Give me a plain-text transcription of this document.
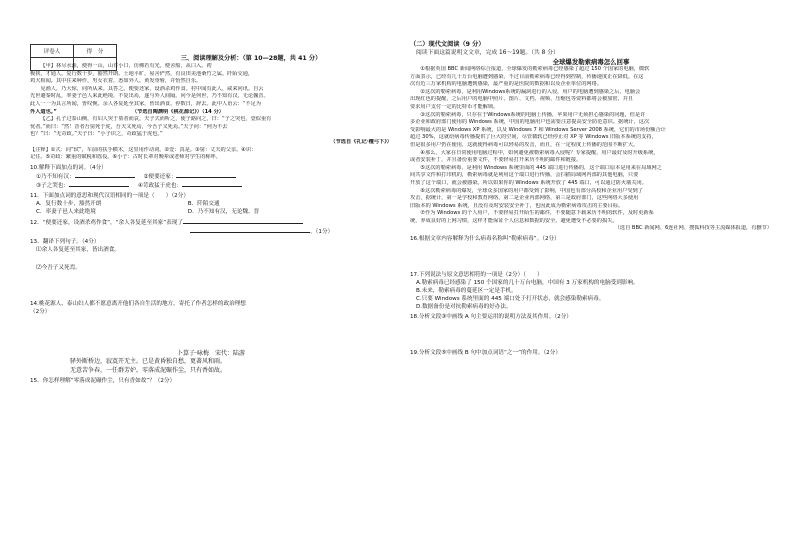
评卷人	得　分

三、阅读理解及分析：（第 10—28题，共 41 分）
【甲】林尽水源，便得一山，山有小口，仿佛若有光，便舍船，从口入。初
极狭，才通人。复行数十步，豁然开朗。土地平旷，屋舍俨然，有良田美池桑竹之属。阡陌交通，
鸡犬相闻。其中往来种作，男女衣着，悉如外人。黄发垂髫，并怡然自乐。
见渔人，乃大惊，问所从来。具答之。便要还家，设酒杀鸡作食。村中闻有此人，咸来问讯。自云
先世避秦时乱，率妻子邑人来此绝境，不复出焉，遂与外人间隔。问今是何世，乃不知有汉，无论魏晋。
此人一一为具言所闻，皆叹惋。余人各复延至其家，皆出酒食。停数日，辞去。此中人语云：“不足为
外人道也。”　　　　　　　　　　　　　　　（节选自陶渊明《桃花源记》）（14 分）
【乙】孔子过泰山侧，有妇人哭于墓者而哀。夫子式而听之，使子路问之，曰：“子之哭也，壹似重有
忧者。”而曰：“然！昔者吾舅死于虎，吾夫又死焉，今吾子又死焉。”夫子问：“何为不去
也？”曰：“无苛政。”夫子曰：“小子识之，苛政猛于虎也。”
（节选自《礼记·檀弓下》）
【注释】①式：同“轼”，车前的扶手横木，这里用作动词。②壹：真是。③舅：丈夫的父亲。④识：
记住。⑤苛政：繁重的赋税和徭役。⑥小子：古时长辈对晚辈或老师对学生的称呼。
10.解释下面加点的词。（4分）
①乃不知有汉：	②便要还家：
③子之哭也：	④苛政猛于虎也：
11．下面加点词的意思和现代汉语相同的一项是（　　）（2分）
A．复行数十步，豁然开朗	B．阡陌交通
C．率妻子邑人来此绝境	D．乃不知有汉，无论魏、晋
12．“便要还家，设酒杀鸡作食”，“余人各复延至其家”表现了
。（1分）
13．翻译下列句子。（4分）
⑴余人各复延至其家，皆出酒食。
⑵今吾子又死焉。
14.桃花源人、泰山妇人都不愿意离开他们各自生活的地方，寄托了作者怎样的政治理想
（2分）
卜算子·咏梅　宋代：陆游
驿外断桥边，寂寞开无主。已是黄昏独自愁，更著风和雨。
无意苦争春，一任群芳妒。零落成泥碾作尘，只有香如故。
15．你怎样理解“零落成泥碾作尘，只有香如故”？（2分）
（二）现代文阅读（9 分）
阅读下面这篇说明文文章，完成 16～19题。（共 8 分）
全球爆发勒索病毒怎么回事
①根据英国 BBC 新闻网络综合报道，全球爆发的勒索病毒已经感染了超过 150 个国家的电脑，微软
方面表示，已经有几十万台电脑遭到感染，不过目前勒索病毒已经得到控制，传播速度正在降低。在这
次有近三万家机构的电脑遭到感染，最严重的是医院的数据和以及企业单位的网络。
②这次的勒索病毒，是利用Windows系统的漏洞进行的入侵，用户的电脑遭到感染之后，电脑会
出现红色的提醒，之后用户的电脑中照片、图片、文档、视频、压缩包等资料都将会被加密，并且
要求用户支付一定的比特币才能解锁。
③这次的勒索病毒，只存在于Windows系统的电脑上传播，苹果用户无须担心感染的问题，但是许
多企业和政府部门使用的 Windows 系统，中国的电脑用户也需要注意提高安全防范意识。据统计，这次
受影响最大的是 Windows XP 系统，以及 Windows 7 和 Windows Server 2008 系统，它们的市场份额合计
超过 30%，这就给病毒传播提供了巨大的空间，尽管微软已经停止对 XP 等 Windows 旧版本系统的支持，
但是很多用户仍在使用，这就使得病毒可以轻易的攻击，而且，在一定程度上传播的范围不断扩大。
④那么，大家在日常使用电脑过程中，如何避免被勒索病毒入侵呢？专家提醒，用户最好及时升级系统，
或者安装补丁，并且备份重要文件，不要轻易打开来历不明的邮件和链接。
⑤这次的勒索病毒，是利用 Windows 系统里面的 445 端口进行传播的，这个端口原本是用来在局域网之
间共享文件和打印机的，勒索病毒就是利用这个端口进行传播，会扫描局域网内部的其他电脑，只要
开放了这个端口，就会被感染。所以如果你的 Windows 系统开放了 445 端口，可以通过防火墙关闭。
⑥这次勒索病毒的爆发，全球众多国家的用户都受到了影响，中国也有部分高校和企业用户受到了
攻击，据统计，第一是学校和教育网络，第二是企业内部网络，第三是政府部门，这些网络大多使用
旧版本的 Windows 系统，且没有及时安装安全补丁，也因此成为勒索病毒攻击的主要目标。
⑦作为 Windows 的个人用户，不要轻易打开陌生的邮件，不要随意下载来历不明的软件，及时更新系
统，养成良好的上网习惯，这样才能保证个人信息和数据的安全，避免遭受不必要的损失。
（选自 BBC 新闻网、6连社网、搜狐科技等主流媒体报道，有删节）
16.根据文章内容解释为什么病毒名称叫“勒索病毒”。（2分）
17.下列说法与原文意思相符的一项是（2分）（　　）
A.勒索病毒已经感染了 150 个国家的几十万台电脑，中国有 3 万家机构的电脑受到影响。
B.未来，勒索病毒的蔓延区一定是手机。
C.只要 Windows 系统里面的 445 端口处于打开状态，就会感染勒索病毒。
D.数据备份是对抗勒索病毒的好办法。
18.分析文段③中画线 A 句主要运用的说明方法及其作用。（2分）
19.分析文段⑤中画线 B 句中加点词语“之一”的作用。（2分）
